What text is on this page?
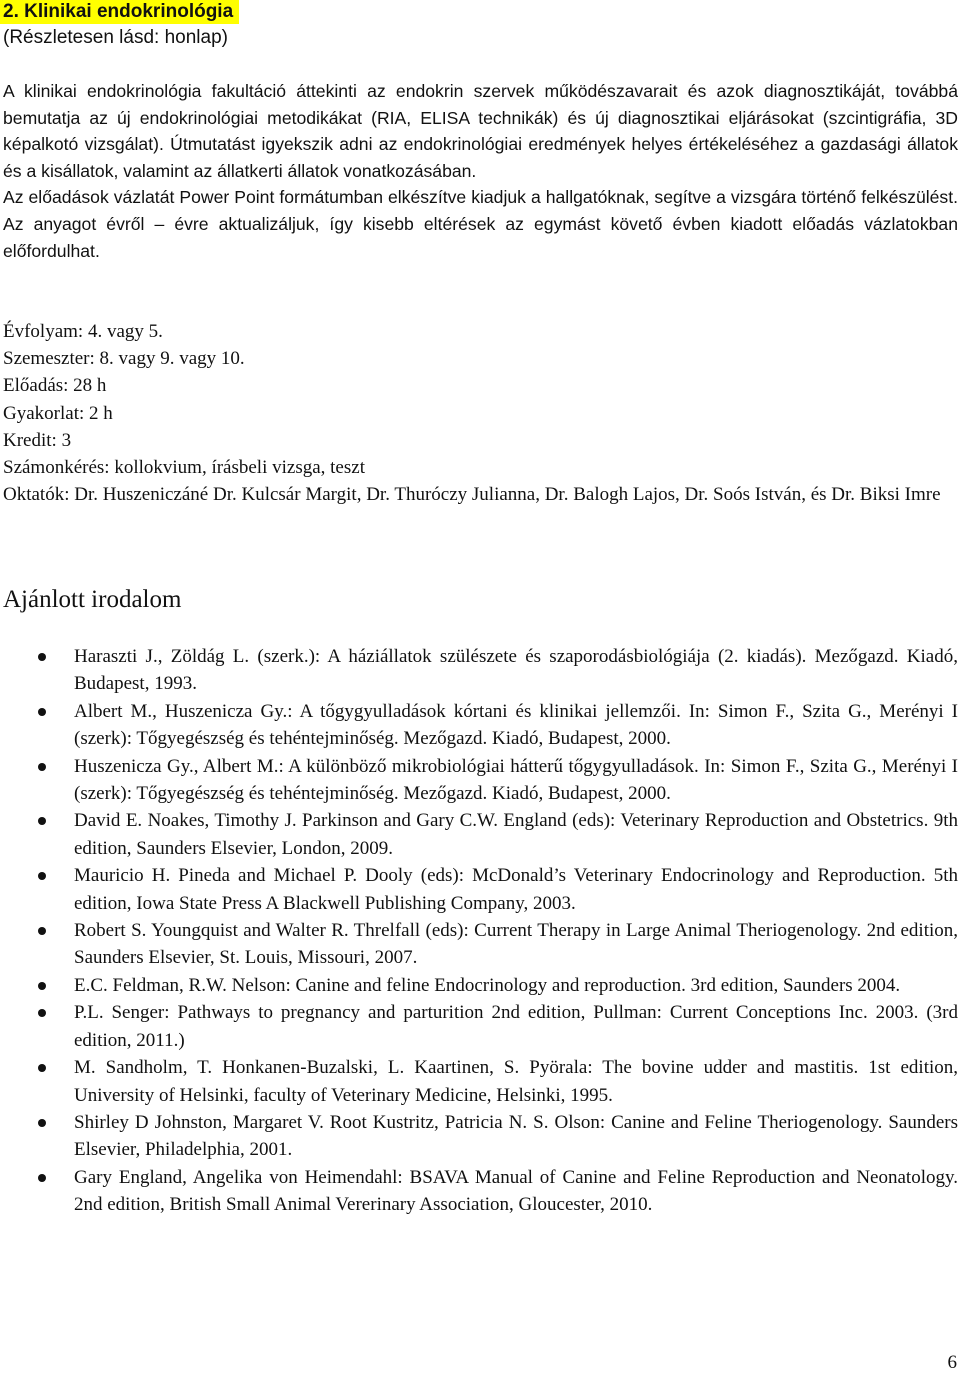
2. Klinikai endokrinológia
(Részletesen lásd: honlap)

A klinikai endokrinológia fakultáció áttekinti az endokrin szervek működészavarait és azok diagnosztikáját, továbbá bemutatja az új endokrinológiai metodikákat (RIA, ELISA technikák) és új diagnosztikai eljárásokat (szcintigráfia, 3D képalkotó vizsgálat). Útmutatást igyekszik adni az endokrinológiai eredmények helyes értékeléséhez a gazdasági állatok és a kisállatok, valamint az állatkerti állatok vonatkozásában.

Az előadások vázlatát Power Point formátumban elkészítve kiadjuk a hallgatóknak, segítve a vizsgára történő felkészülést. Az anyagot évről – évre aktualizáljuk, így kisebb eltérések az egymást követő évben kiadott előadás vázlatokban előfordulhat.

Évfolyam: 4. vagy 5.
Szemeszter: 8. vagy 9. vagy 10.
Előadás: 28 h
Gyakorlat: 2 h
Kredit: 3
Számonkérés: kollokvium, írásbeli vizsga, teszt
Oktatók: Dr. Huszeniczáné Dr. Kulcsár Margit, Dr. Thuróczy Julianna, Dr. Balogh Lajos, Dr. Soós István, és Dr. Biksi Imre
Ajánlott irodalom
Haraszti J., Zöldág L. (szerk.): A háziállatok szülészete és szaporodásbiológiája (2. kiadás). Mezőgazd. Kiadó, Budapest, 1993.
Albert M., Huszenicza Gy.: A tőgygyulladások kórtani és klinikai jellemzői. In: Simon F., Szita G., Merényi I (szerk): Tőgyegészség és tehéntejminőség. Mezőgazd. Kiadó, Budapest, 2000.
Huszenicza Gy., Albert M.: A különböző mikrobiológiai hátterű tőgygyulladások. In: Simon F., Szita G., Merényi I (szerk): Tőgyegészség és tehéntejminőség. Mezőgazd. Kiadó, Budapest, 2000.
David E. Noakes, Timothy J. Parkinson and Gary C.W. England (eds): Veterinary Reproduction and Obstetrics. 9th edition, Saunders Elsevier, London, 2009.
Mauricio H. Pineda and Michael P. Dooly (eds): McDonald’s Veterinary Endocrinology and Reproduction. 5th edition, Iowa State Press A Blackwell Publishing Company, 2003.
Robert S. Youngquist and Walter R. Threlfall (eds): Current Therapy in Large Animal Theriogenology. 2nd edition, Saunders Elsevier, St. Louis, Missouri, 2007.
E.C. Feldman, R.W. Nelson: Canine and feline Endocrinology and reproduction. 3rd edition, Saunders 2004.
P.L. Senger: Pathways to pregnancy and parturition 2nd edition, Pullman: Current Conceptions Inc. 2003. (3rd edition, 2011.)
M. Sandholm, T. Honkanen-Buzalski, L. Kaartinen, S. Pyörala: The bovine udder and mastitis. 1st edition, University of Helsinki, faculty of Veterinary Medicine, Helsinki, 1995.
Shirley D Johnston, Margaret V. Root Kustritz, Patricia N. S. Olson: Canine and Feline Theriogenology. Saunders Elsevier, Philadelphia, 2001.
Gary England, Angelika von Heimendahl: BSAVA Manual of Canine and Feline Reproduction and Neonatology. 2nd edition, British Small Animal Vererinary Association, Gloucester, 2010.
6
